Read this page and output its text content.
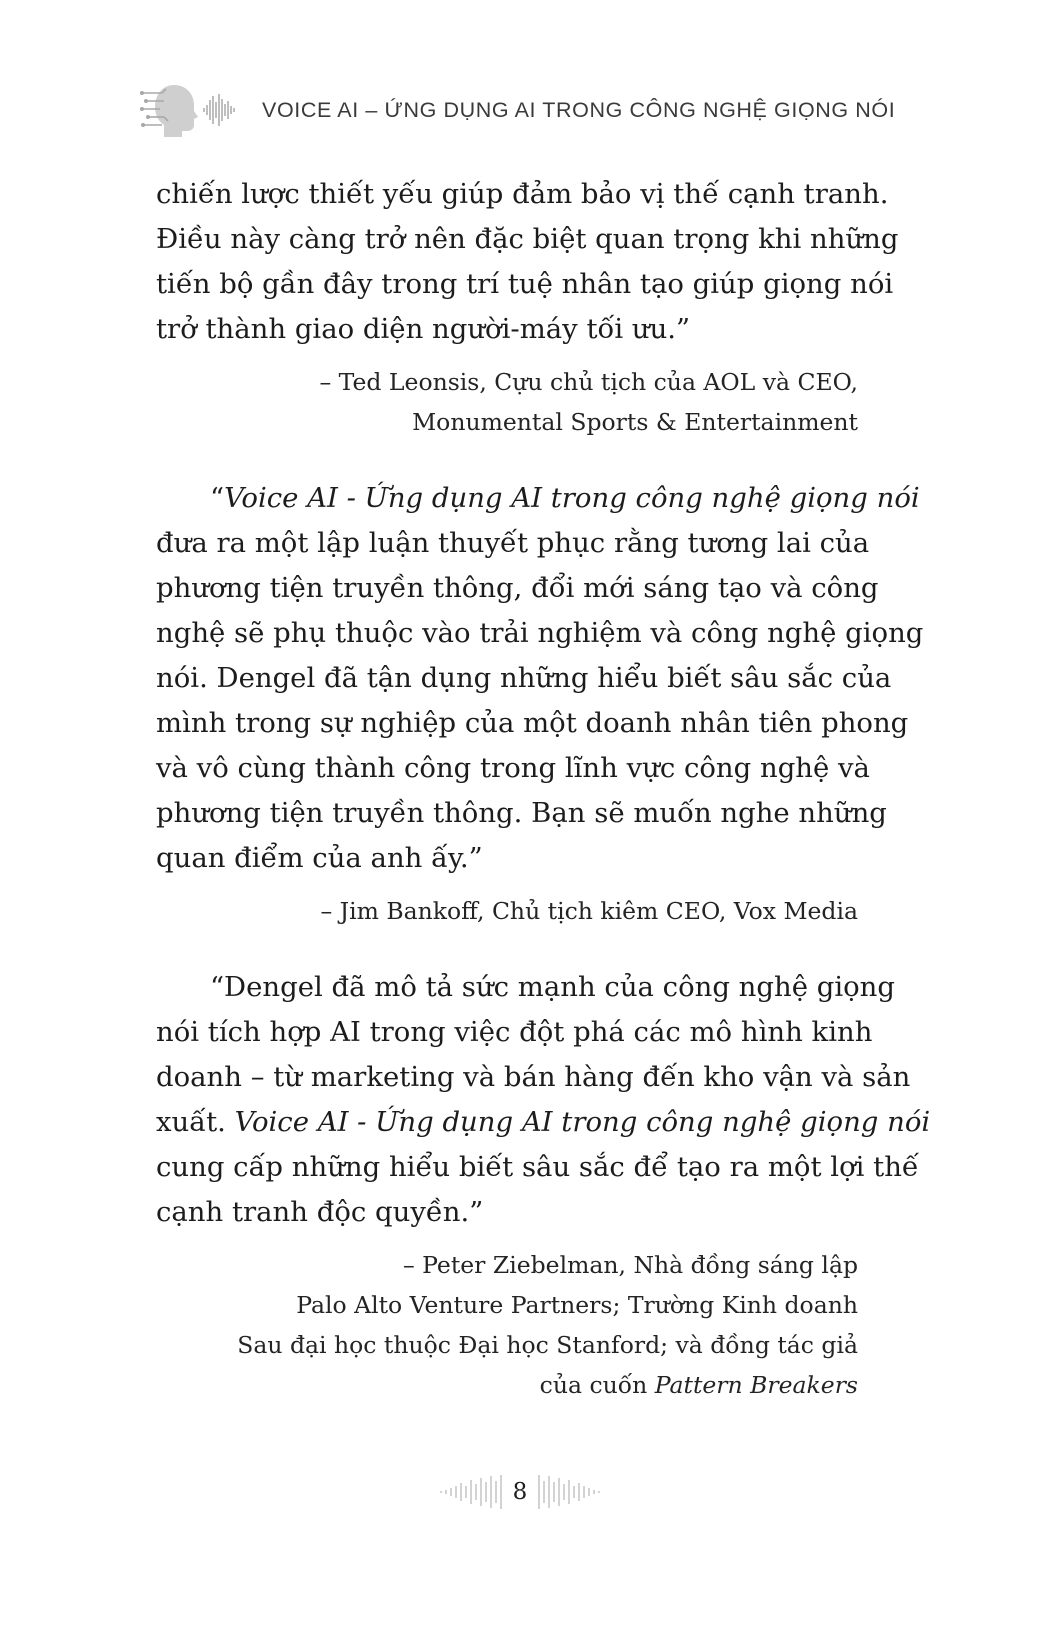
VOICE AI – ỨNG DỤNG AI TRONG CÔNG NGHỆ GIỌNG NÓI
chiến lược thiết yếu giúp đảm bảo vị thế cạnh tranh.
Điều này càng trở nên đặc biệt quan trọng khi những
tiến bộ gần đây trong trí tuệ nhân tạo giúp giọng nói
trở thành giao diện người-máy tối ưu.”
– Ted Leonsis, Cựu chủ tịch của AOL và CEO,
Monumental Sports & Entertainment
“Voice AI - Ứng dụng AI trong công nghệ giọng nói
đưa ra một lập luận thuyết phục rằng tương lai của
phương tiện truyền thông, đổi mới sáng tạo và công
nghệ sẽ phụ thuộc vào trải nghiệm và công nghệ giọng
nói. Dengel đã tận dụng những hiểu biết sâu sắc của
mình trong sự nghiệp của một doanh nhân tiên phong
và vô cùng thành công trong lĩnh vực công nghệ và
phương tiện truyền thông. Bạn sẽ muốn nghe những
quan điểm của anh ấy.”
– Jim Bankoff, Chủ tịch kiêm CEO, Vox Media
“Dengel đã mô tả sức mạnh của công nghệ giọng
nói tích hợp AI trong việc đột phá các mô hình kinh
doanh – từ marketing và bán hàng đến kho vận và sản
xuất. Voice AI - Ứng dụng AI trong công nghệ giọng nói
cung cấp những hiểu biết sâu sắc để tạo ra một lợi thế
cạnh tranh độc quyền.”
– Peter Ziebelman, Nhà đồng sáng lập
Palo Alto Venture Partners; Trường Kinh doanh
Sau đại học thuộc Đại học Stanford; và đồng tác giả
của cuốn Pattern Breakers
8
